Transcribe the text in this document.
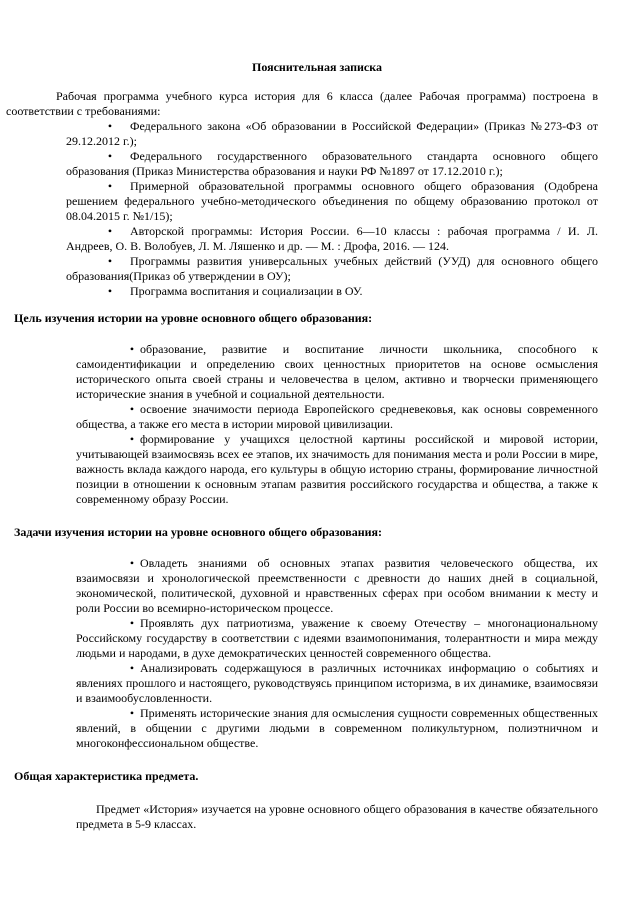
Пояснительная записка

Рабочая программа учебного курса история для 6 класса (далее Рабочая программа) построена в соответствии с требованиями:

• Федерального закона «Об образовании в Российской Федерации» (Приказ №273-ФЗ от 29.12.2012 г.);
• Федерального государственного образовательного стандарта основного общего образования (Приказ Министерства образования и науки РФ №1897 от 17.12.2010 г.);
• Примерной образовательной программы основного общего образования (Одобрена решением федерального учебно-методического объединения по общему образованию протокол от 08.04.2015 г. №1/15);
• Авторской программы: История России. 6—10 классы : рабочая программа / И. Л. Андреев, О. В. Волобуев, Л. М. Ляшенко и др. — М. : Дрофа, 2016. — 124.
• Программы развития универсальных учебных действий (УУД) для основного общего образования(Приказ об утверждении в ОУ);
• Программа воспитания и социализации в ОУ.
Цель изучения истории на уровне основного общего образования:
• образование, развитие и воспитание личности школьника, способного к самоидентификации и определению своих ценностных приоритетов на основе осмысления исторического опыта своей страны и человечества в целом, активно и творчески применяющего исторические знания в учебной и социальной деятельности.
• освоение значимости периода Европейского средневековья, как основы современного общества, а также его места в истории мировой цивилизации.
• формирование у учащихся целостной картины российской и мировой истории, учитывающей взаимосвязь всех ее этапов, их значимость для понимания места и роли России в мире, важность вклада каждого народа, его культуры в общую историю страны, формирование личностной позиции в отношении к основным этапам развития российского государства и общества, а также к современному образу России.
Задачи изучения истории на уровне основного общего образования:
• Овладеть знаниями об основных этапах развития человеческого общества, их взаимосвязи и хронологической преемственности с древности до наших дней в социальной, экономической, политической, духовной и нравственных сферах при особом внимании к месту и роли России во всемирно-историческом процессе.
• Проявлять дух патриотизма, уважение к своему Отечеству – многонациональному Российскому государству в соответствии с идеями взаимопонимания, толерантности и мира между людьми и народами, в духе демократических ценностей современного общества.
• Анализировать содержащуюся в различных источниках информацию о событиях и явлениях прошлого и настоящего, руководствуясь принципом историзма, в их динамике, взаимосвязи и взаимообусловленности.
• Применять исторические знания для осмысления сущности современных общественных явлений, в общении с другими людьми в современном поликультурном, полиэтничном и многоконфессиональном обществе.
Общая характеристика предмета.

Предмет «История» изучается на уровне основного общего образования в качестве обязательного предмета в 5-9 классах.
